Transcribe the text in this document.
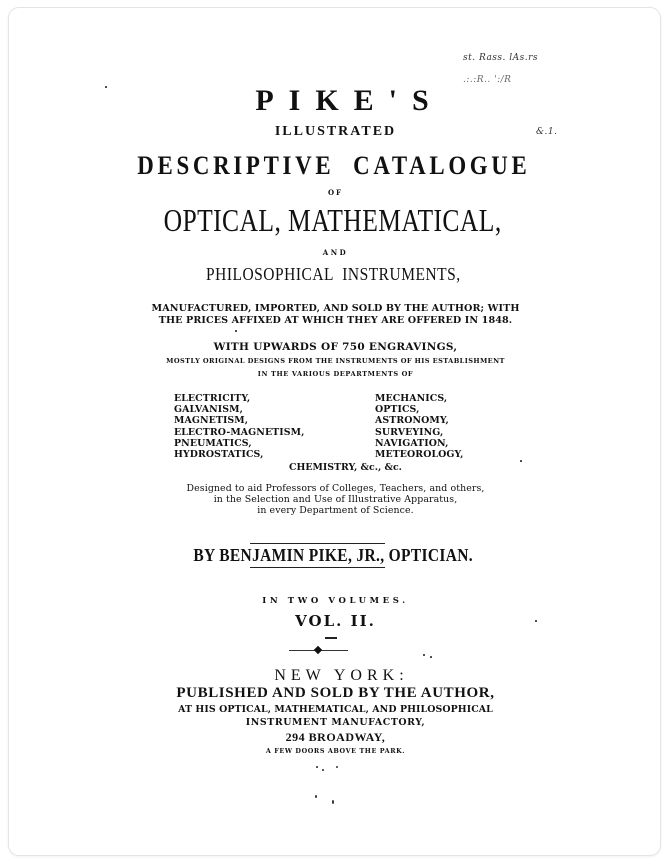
st. Rass. lAs.rs
.:.:R.. ':/R
&.1.
PIKE'S
ILLUSTRATED
DESCRIPTIVE  CATALOGUE
OF
OPTICAL, MATHEMATICAL,
AND
PHILOSOPHICAL  INSTRUMENTS,
MANUFACTURED, IMPORTED, AND SOLD BY THE AUTHOR; WITH
THE PRICES AFFIXED AT WHICH THEY ARE OFFERED IN 1848.
WITH UPWARDS OF 750 ENGRAVINGS,
MOSTLY ORIGINAL DESIGNS FROM THE INSTRUMENTS OF HIS ESTABLISHMENT
IN THE VARIOUS DEPARTMENTS OF
ELECTRICITY,
GALVANISM,
MAGNETISM,
ELECTRO-MAGNETISM,
PNEUMATICS,
HYDROSTATICS,
MECHANICS,
OPTICS,
ASTRONOMY,
SURVEYING,
NAVIGATION,
METEOROLOGY,
CHEMISTRY, &c., &c.
Designed to aid Professors of Colleges, Teachers, and others,
in the Selection and Use of Illustrative Apparatus,
in every Department of Science.
BY BENJAMIN PIKE, JR., OPTICIAN.
IN TWO VOLUMES.
VOL. II.
NEW YORK:
PUBLISHED AND SOLD BY THE AUTHOR,
AT HIS OPTICAL, MATHEMATICAL, AND PHILOSOPHICAL
INSTRUMENT MANUFACTORY,
294 BROADWAY,
A FEW DOORS ABOVE THE PARK.
